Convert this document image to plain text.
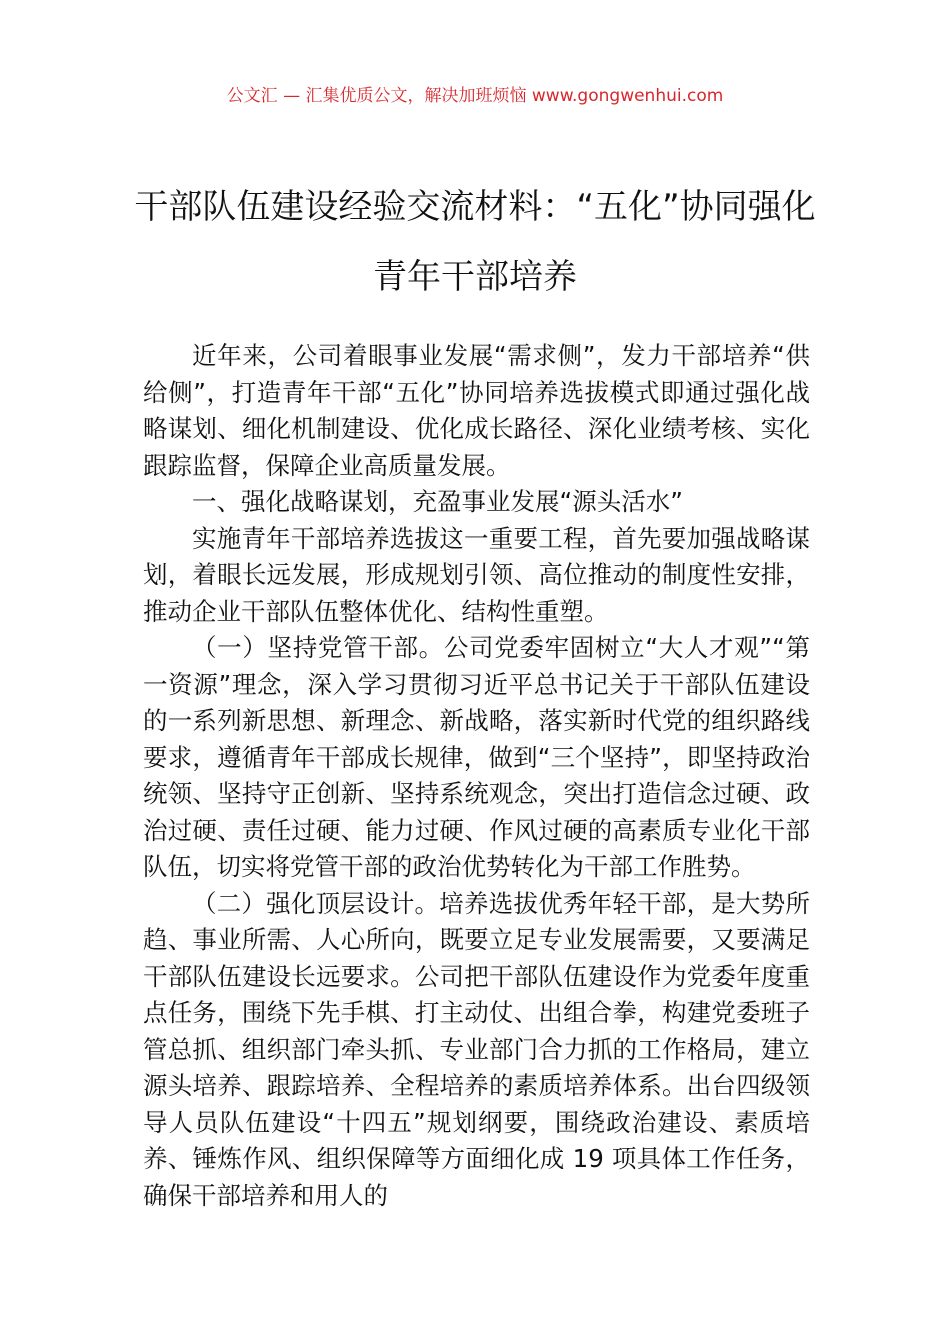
公文汇 — 汇集优质公文，解决加班烦恼 www.gongwenhui.com
干部队伍建设经验交流材料：“五化”协同强化青年干部培养

近年来，公司着眼事业发展“需求侧”，发力干部培养“供给侧”，打造青年干部“五化”协同培养选拔模式即通过强化战略谋划、细化机制建设、优化成长路径、深化业绩考核、实化跟踪监督，保障企业高质量发展。

一、强化战略谋划，充盈事业发展“源头活水”

实施青年干部培养选拔这一重要工程，首先要加强战略谋划，着眼长远发展，形成规划引领、高位推动的制度性安排，推动企业干部队伍整体优化、结构性重塑。

（一）坚持党管干部。公司党委牢固树立“大人才观”“第一资源”理念，深入学习贯彻习近平总书记关于干部队伍建设的一系列新思想、新理念、新战略，落实新时代党的组织路线要求，遵循青年干部成长规律，做到“三个坚持”，即坚持政治统领、坚持守正创新、坚持系统观念，突出打造信念过硬、政治过硬、责任过硬、能力过硬、作风过硬的高素质专业化干部队伍，切实将党管干部的政治优势转化为干部工作胜势。

（二）强化顶层设计。培养选拔优秀年轻干部，是大势所趋、事业所需、人心所向，既要立足专业发展需要，又要满足干部队伍建设长远要求。公司把干部队伍建设作为党委年度重点任务，围绕下先手棋、打主动仗、出组合拳，构建党委班子管总抓、组织部门牵头抓、专业部门合力抓的工作格局，建立源头培养、跟踪培养、全程培养的素质培养体系。出台四级领导人员队伍建设“十四五”规划纲要，围绕政治建设、素质培养、锤炼作风、组织保障等方面细化成 19 项具体工作任务，确保干部培养和用人的
